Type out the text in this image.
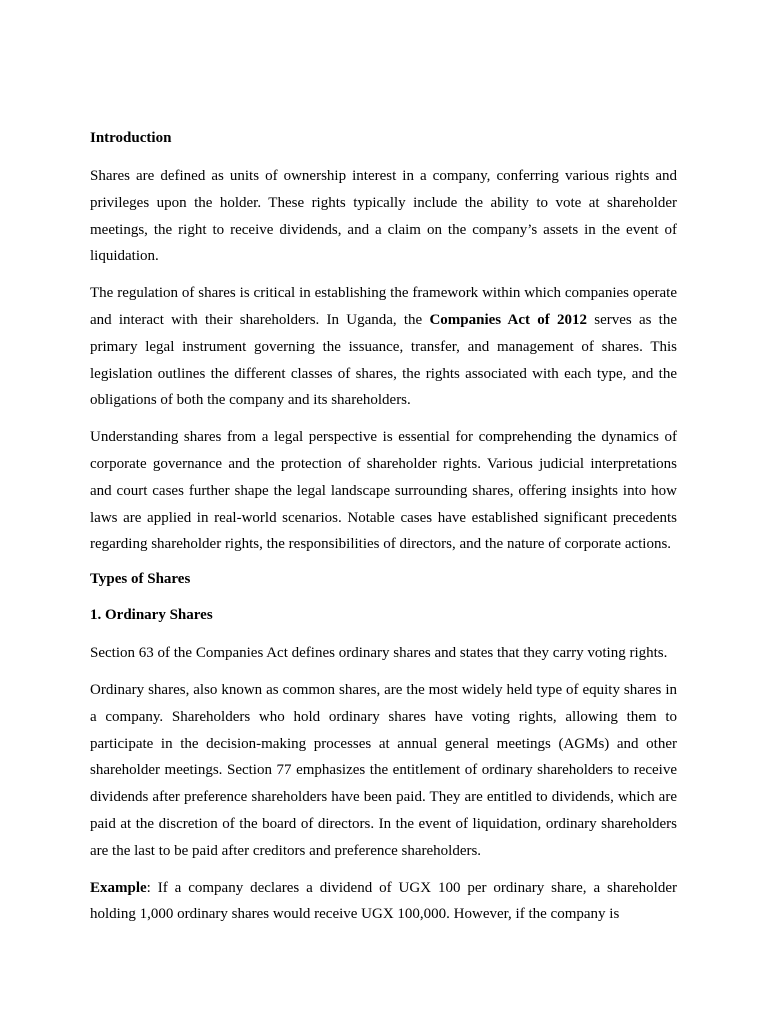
Introduction

Shares are defined as units of ownership interest in a company, conferring various rights and privileges upon the holder. These rights typically include the ability to vote at shareholder meetings, the right to receive dividends, and a claim on the company’s assets in the event of liquidation.

The regulation of shares is critical in establishing the framework within which companies operate and interact with their shareholders. In Uganda, the Companies Act of 2012 serves as the primary legal instrument governing the issuance, transfer, and management of shares. This legislation outlines the different classes of shares, the rights associated with each type, and the obligations of both the company and its shareholders.

Understanding shares from a legal perspective is essential for comprehending the dynamics of corporate governance and the protection of shareholder rights. Various judicial interpretations and court cases further shape the legal landscape surrounding shares, offering insights into how laws are applied in real-world scenarios. Notable cases have established significant precedents regarding shareholder rights, the responsibilities of directors, and the nature of corporate actions.

Types of Shares
1. Ordinary Shares

Section 63 of the Companies Act defines ordinary shares and states that they carry voting rights.

Ordinary shares, also known as common shares, are the most widely held type of equity shares in a company. Shareholders who hold ordinary shares have voting rights, allowing them to participate in the decision-making processes at annual general meetings (AGMs) and other shareholder meetings. Section 77 emphasizes the entitlement of ordinary shareholders to receive dividends after preference shareholders have been paid. They are entitled to dividends, which are paid at the discretion of the board of directors. In the event of liquidation, ordinary shareholders are the last to be paid after creditors and preference shareholders.

Example: If a company declares a dividend of UGX 100 per ordinary share, a shareholder holding 1,000 ordinary shares would receive UGX 100,000. However, if the company is
